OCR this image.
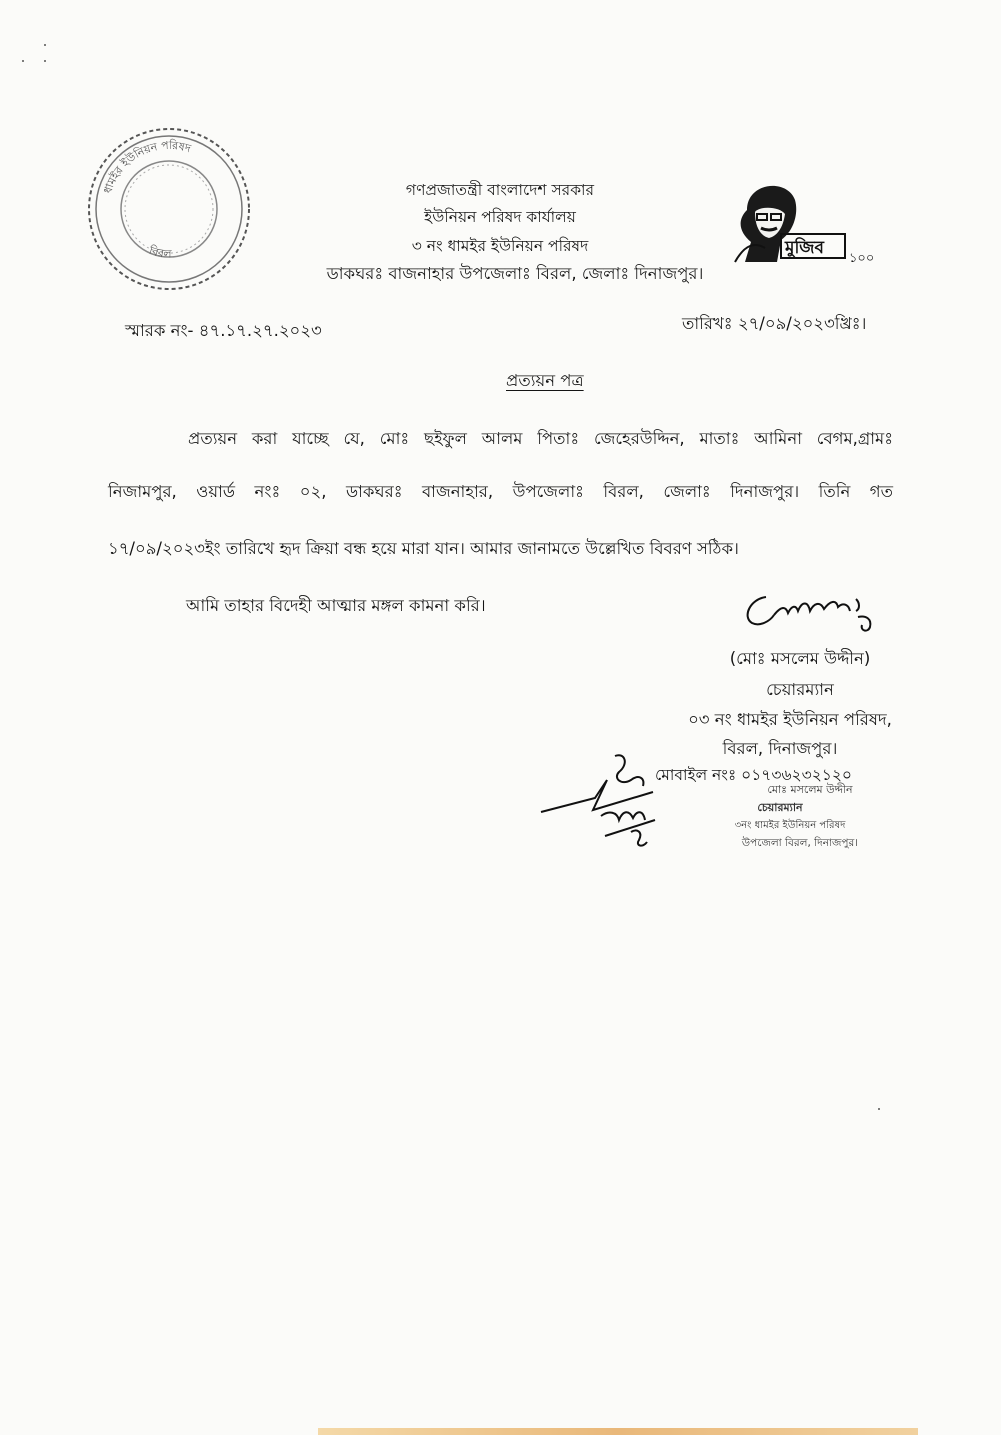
ধামইর ইউনিয়ন পরিষদ
বিরল
গণপ্রজাতন্ত্রী বাংলাদেশ সরকার
ইউনিয়ন পরিষদ কার্যালয়
৩ নং ধামইর ইউনিয়ন পরিষদ
ডাকঘরঃ বাজনাহার উপজেলাঃ বিরল, জেলাঃ দিনাজপুর।
মুজিব
১০০
স্মারক নং- ৪৭.১৭.২৭.২০২৩	তারিখঃ ২৭/০৯/২০২৩খ্রিঃ।
প্রত্যয়ন পত্র
প্রত্যয়ন করা যাচ্ছে যে, মোঃ ছইফুল আলম পিতাঃ জেহেরউদ্দিন, মাতাঃ আমিনা বেগম,গ্রামঃ
নিজামপুর, ওয়ার্ড নংঃ ০২, ডাকঘরঃ বাজনাহার, উপজেলাঃ বিরল, জেলাঃ দিনাজপুর। তিনি গত
১৭/০৯/২০২৩ইং তারিখে হৃদ ক্রিয়া বন্ধ হয়ে মারা যান। আমার জানামতে উল্লেখিত বিবরণ সঠিক।
আমি তাহার বিদেহী আত্মার মঙ্গল কামনা করি।
(মোঃ মসলেম উদ্দীন)
চেয়ারম্যান
০৩ নং ধামইর ইউনিয়ন পরিষদ,
বিরল, দিনাজপুর।
মোবাইল নংঃ ০১৭৩৬২৩২১২০
মোঃ মসলেম উদ্দীন
চেয়ারম্যান
৩নং ধামইর ইউনিয়ন পরিষদ
উপজেলা বিরল, দিনাজপুর।
